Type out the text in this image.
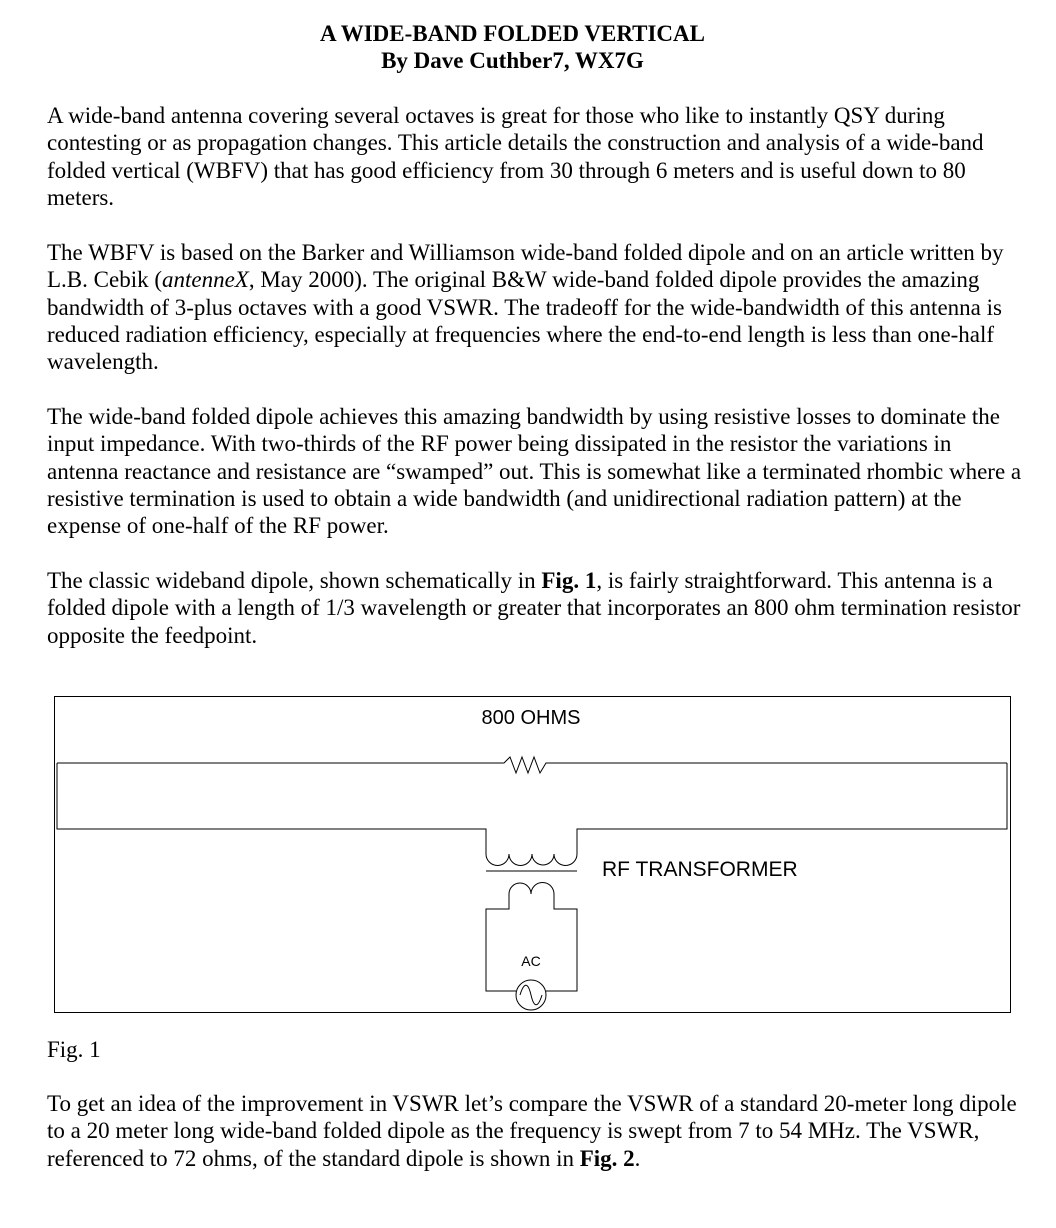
A WIDE-BAND FOLDED VERTICAL
By Dave Cuthber7, WX7G

A wide-band antenna covering several octaves is great for those who like to instantly QSY during contesting or as propagation changes. This article details the construction and analysis of a wide-band folded vertical (WBFV) that has good efficiency from 30 through 6 meters and is useful down to 80 meters.

The WBFV is based on the Barker and Williamson wide-band folded dipole and on an article written by L.B. Cebik (antenneX, May 2000). The original B&W wide-band folded dipole provides the amazing bandwidth of 3-plus octaves with a good VSWR. The tradeoff for the wide-bandwidth of this antenna is reduced radiation efficiency, especially at frequencies where the end-to-end length is less than one-half wavelength.

The wide-band folded dipole achieves this amazing bandwidth by using resistive losses to dominate the input impedance. With two-thirds of the RF power being dissipated in the resistor the variations in antenna reactance and resistance are “swamped” out. This is somewhat like a terminated rhombic where a resistive termination is used to obtain a wide bandwidth (and unidirectional radiation pattern) at the expense of one-half of the RF power.

The classic wideband dipole, shown schematically in Fig. 1, is fairly straightforward. This antenna is a folded dipole with a length of 1/3 wavelength or greater that incorporates an 800 ohm termination resistor opposite the feedpoint.

800 OHMS
RF TRANSFORMER
AC
Fig. 1

To get an idea of the improvement in VSWR let’s compare the VSWR of a standard 20-meter long dipole to a 20 meter long wide-band folded dipole as the frequency is swept from 7 to 54 MHz. The VSWR, referenced to 72 ohms, of the standard dipole is shown in Fig. 2.
